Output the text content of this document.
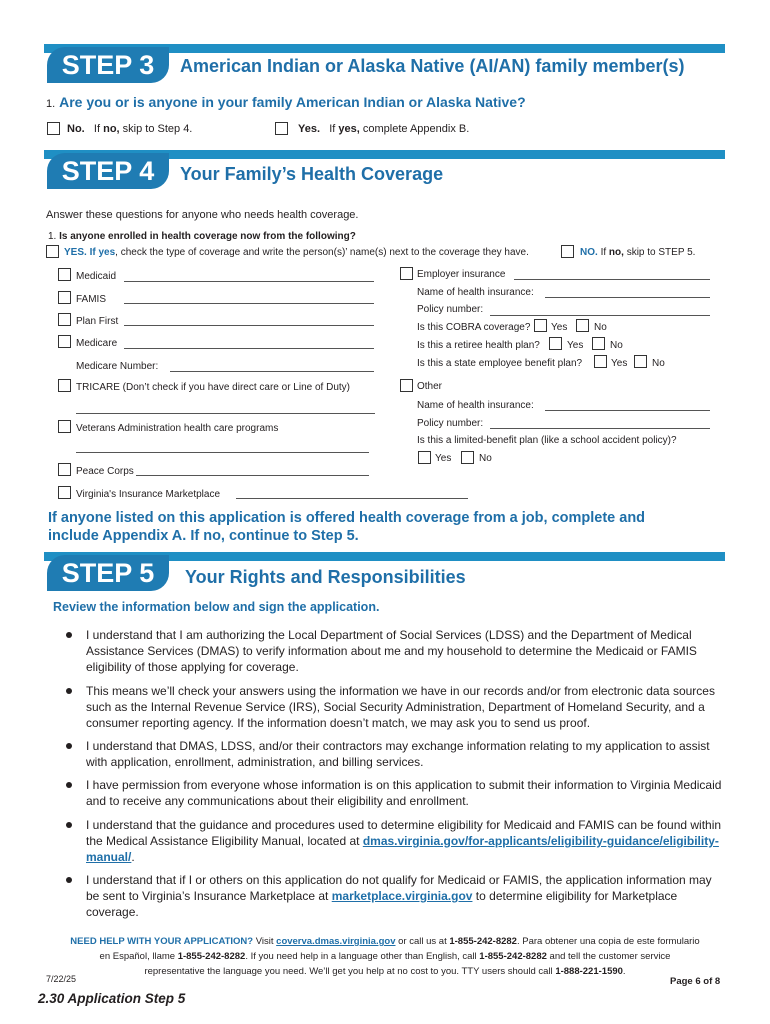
STEP 3	American Indian or Alaska Native (AI/AN) family member(s)
1. Are you or is anyone in your family American Indian or Alaska Native?
No. If no, skip to Step 4.	Yes. If yes, complete Appendix B.
STEP 4	Your Family’s Health Coverage
Answer these questions for anyone who needs health coverage.
1. Is anyone enrolled in health coverage now from the following?
YES. If yes, check the type of coverage and write the person(s)’ name(s) next to the coverage they have.	NO. If no, skip to STEP 5.
Medicaid
FAMIS
Plan First
Medicare
Medicare Number:
TRICARE (Don’t check if you have direct care or Line of Duty)
Veterans Administration health care programs
Peace Corps
Virginia's Insurance Marketplace
Employer insurance
Name of health insurance:
Policy number:
Is this COBRA coverage? Yes	No
Is this a retiree health plan?	Yes	No
Is this a state employee benefit plan?	Yes No
Other
Name of health insurance:
Policy number:
Is this a limited-benefit plan (like a school accident policy)?
Yes	No
If anyone listed on this application is offered health coverage from a job, complete and
include Appendix A. If no, continue to Step 5.
STEP 5	Your Rights and Responsibilities
Review the information below and sign the application.
I understand that I am authorizing the Local Department of Social Services (LDSS) and the Department of Medical Assistance Services (DMAS) to verify information about me and my household to determine the Medicaid or FAMIS eligibility of those applying for coverage.
This means we’ll check your answers using the information we have in our records and/or from electronic data sources such as the Internal Revenue Service (IRS), Social Security Administration, Department of Homeland Security, and a consumer reporting agency. If the information doesn’t match, we may ask you to send us proof.
I understand that DMAS, LDSS, and/or their contractors may exchange information relating to my application to assist with application, enrollment, administration, and billing services.
I have permission from everyone whose information is on this application to submit their information to Virginia Medicaid and to receive any communications about their eligibility and enrollment.
I understand that the guidance and procedures used to determine eligibility for Medicaid and FAMIS can be found within the Medical Assistance Eligibility Manual, located at dmas.virginia.gov/for-applicants/eligibility-guidance/eligibility-manual/.
I understand that if I or others on this application do not qualify for Medicaid or FAMIS, the application information may be sent to Virginia’s Insurance Marketplace at marketplace.virginia.gov to determine eligibility for Marketplace coverage.
NEED HELP WITH YOUR APPLICATION? Visit coverva.dmas.virginia.gov or call us at 1-855-242-8282. Para obtener una copia de este formulario
en Español, llame 1-855-242-8282. If you need help in a language other than English, call 1-855-242-8282 and tell the customer service
representative the language you need. We’ll get you help at no cost to you. TTY users should call 1-888-221-1590.
7/22/25	Page 6 of 8
2.30 Application Step 5
